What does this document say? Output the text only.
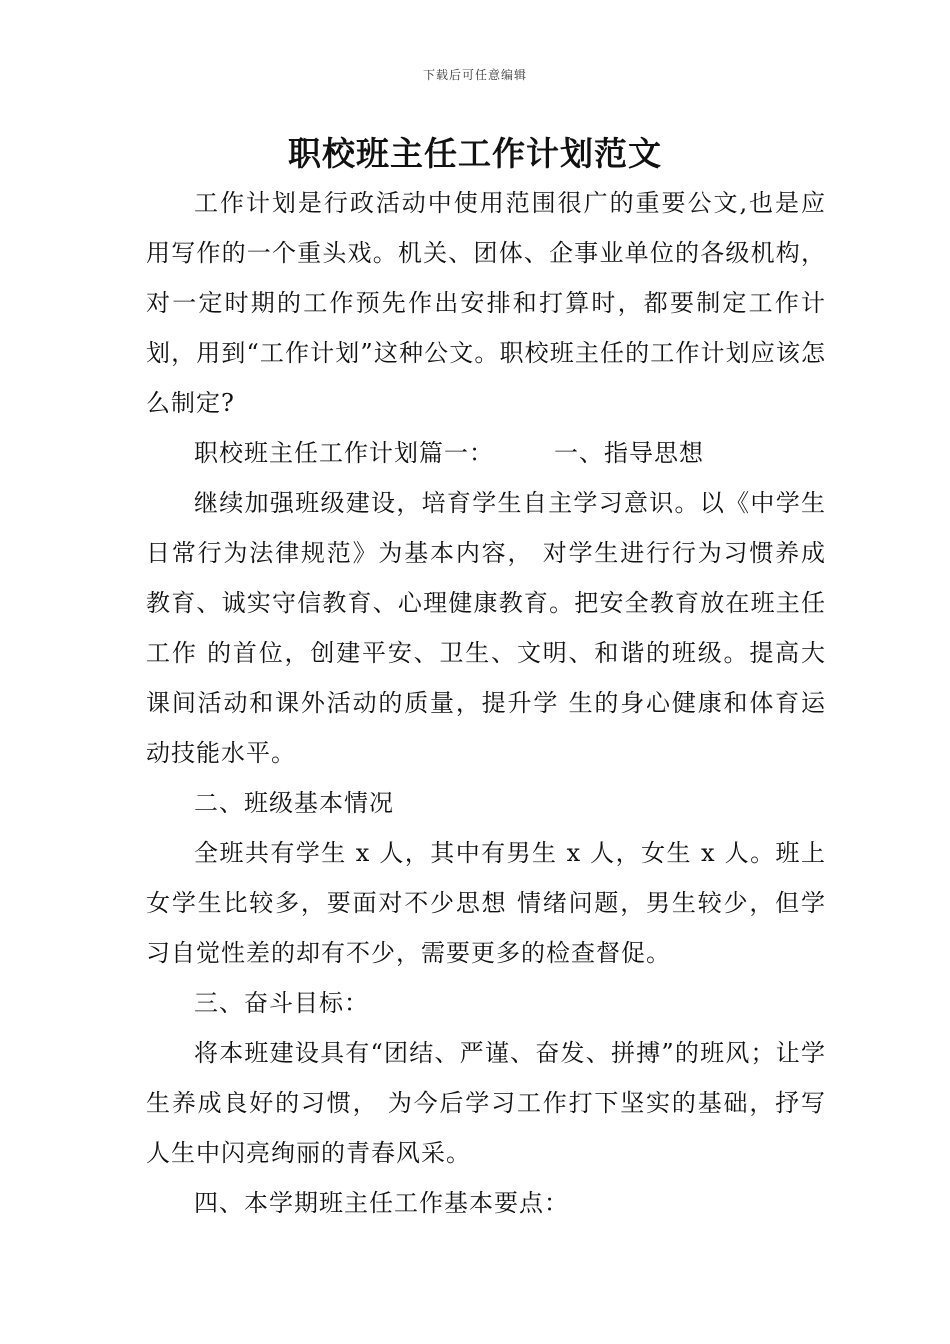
下载后可任意编辑
职校班主任工作计划范文

工作计划是行政活动中使用范围很广的重要公文,也是应用写作的一个重头戏。机关、团体、企事业单位的各级机构，对一定时期的工作预先作出安排和打算时，都要制定工作计划，用到“工作计划”这种公文。职校班主任的工作计划应该怎么制定?

职校班主任工作计划篇一：	一、指导思想

继续加强班级建设，培育学生自主学习意识。以《中学生日常行为法律规范》为基本内容， 对学生进行行为习惯养成教育、诚实守信教育、心理健康教育。把安全教育放在班主任工作 的首位，创建平安、卫生、文明、和谐的班级。提高大课间活动和课外活动的质量，提升学 生的身心健康和体育运动技能水平。

二、班级基本情况

全班共有学生 x 人，其中有男生 x 人，女生 x 人。班上女学生比较多，要面对不少思想 情绪问题，男生较少，但学习自觉性差的却有不少，需要更多的检查督促。

三、奋斗目标：

将本班建设具有“团结、严谨、奋发、拼搏”的班风；让学生养成良好的习惯， 为今后学习工作打下坚实的基础，抒写人生中闪亮绚丽的青春风采。

四、本学期班主任工作基本要点：
